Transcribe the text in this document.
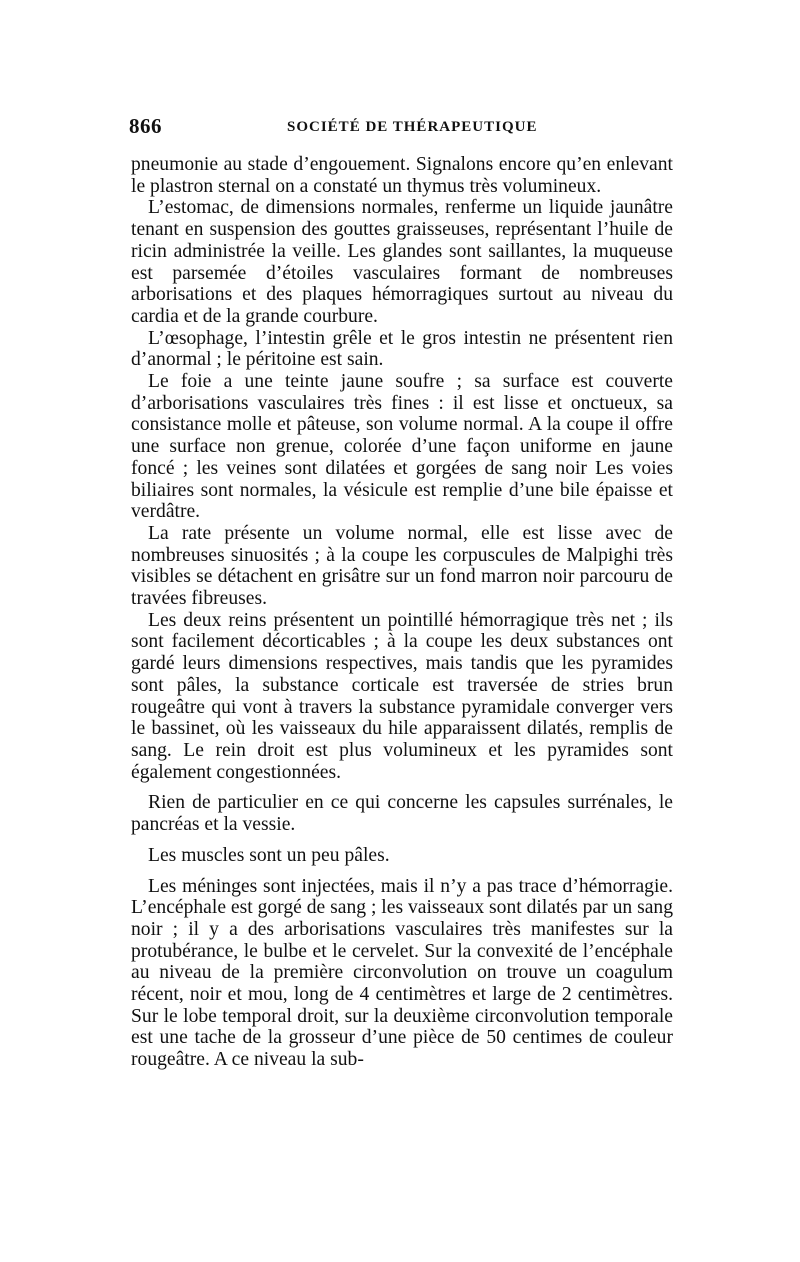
866	SOCIÉTÉ DE THÉRAPEUTIQUE

pneumonie au stade d’engouement. Signalons encore qu’en enlevant le plastron sternal on a constaté un thymus très volumineux.

L’estomac, de dimensions normales, renferme un liquide jaunâtre tenant en suspension des gouttes graisseuses, représentant l’huile de ricin administrée la veille. Les glandes sont saillantes, la muqueuse est parsemée d’étoiles vasculaires formant de nombreuses arborisations et des plaques hémorragiques surtout au niveau du cardia et de la grande courbure.

L’œsophage, l’intestin grêle et le gros intestin ne présentent rien d’anormal ; le péritoine est sain.

Le foie a une teinte jaune soufre ; sa surface est couverte d’arborisations vasculaires très fines : il est lisse et onctueux, sa consistance molle et pâteuse, son volume normal. A la coupe il offre une surface non grenue, colorée d’une façon uniforme en jaune foncé ; les veines sont dilatées et gorgées de sang noir Les voies biliaires sont normales, la vésicule est remplie d’une bile épaisse et verdâtre.

La rate présente un volume normal, elle est lisse avec de nombreuses sinuosités ; à la coupe les corpuscules de Malpighi très visibles se détachent en grisâtre sur un fond marron noir parcouru de travées fibreuses.

Les deux reins présentent un pointillé hémorragique très net ; ils sont facilement décorticables ; à la coupe les deux substances ont gardé leurs dimensions respectives, mais tandis que les pyramides sont pâles, la substance corticale est traversée de stries brun rougeâtre qui vont à travers la substance pyramidale converger vers le bassinet, où les vaisseaux du hile apparaissent dilatés, remplis de sang. Le rein droit est plus volumineux et les pyramides sont également congestionnées.

Rien de particulier en ce qui concerne les capsules surrénales, le pancréas et la vessie.

Les muscles sont un peu pâles.

Les méninges sont injectées, mais il n’y a pas trace d’hémorragie. L’encéphale est gorgé de sang ; les vaisseaux sont dilatés par un sang noir ; il y a des arborisations vasculaires très manifestes sur la protubérance, le bulbe et le cervelet. Sur la convexité de l’encéphale au niveau de la première circonvolution on trouve un coagulum récent, noir et mou, long de 4 centimètres et large de 2 centimètres. Sur le lobe temporal droit, sur la deuxième circonvolution temporale est une tache de la grosseur d’une pièce de 50 centimes de couleur rougeâtre. A ce niveau la sub-
